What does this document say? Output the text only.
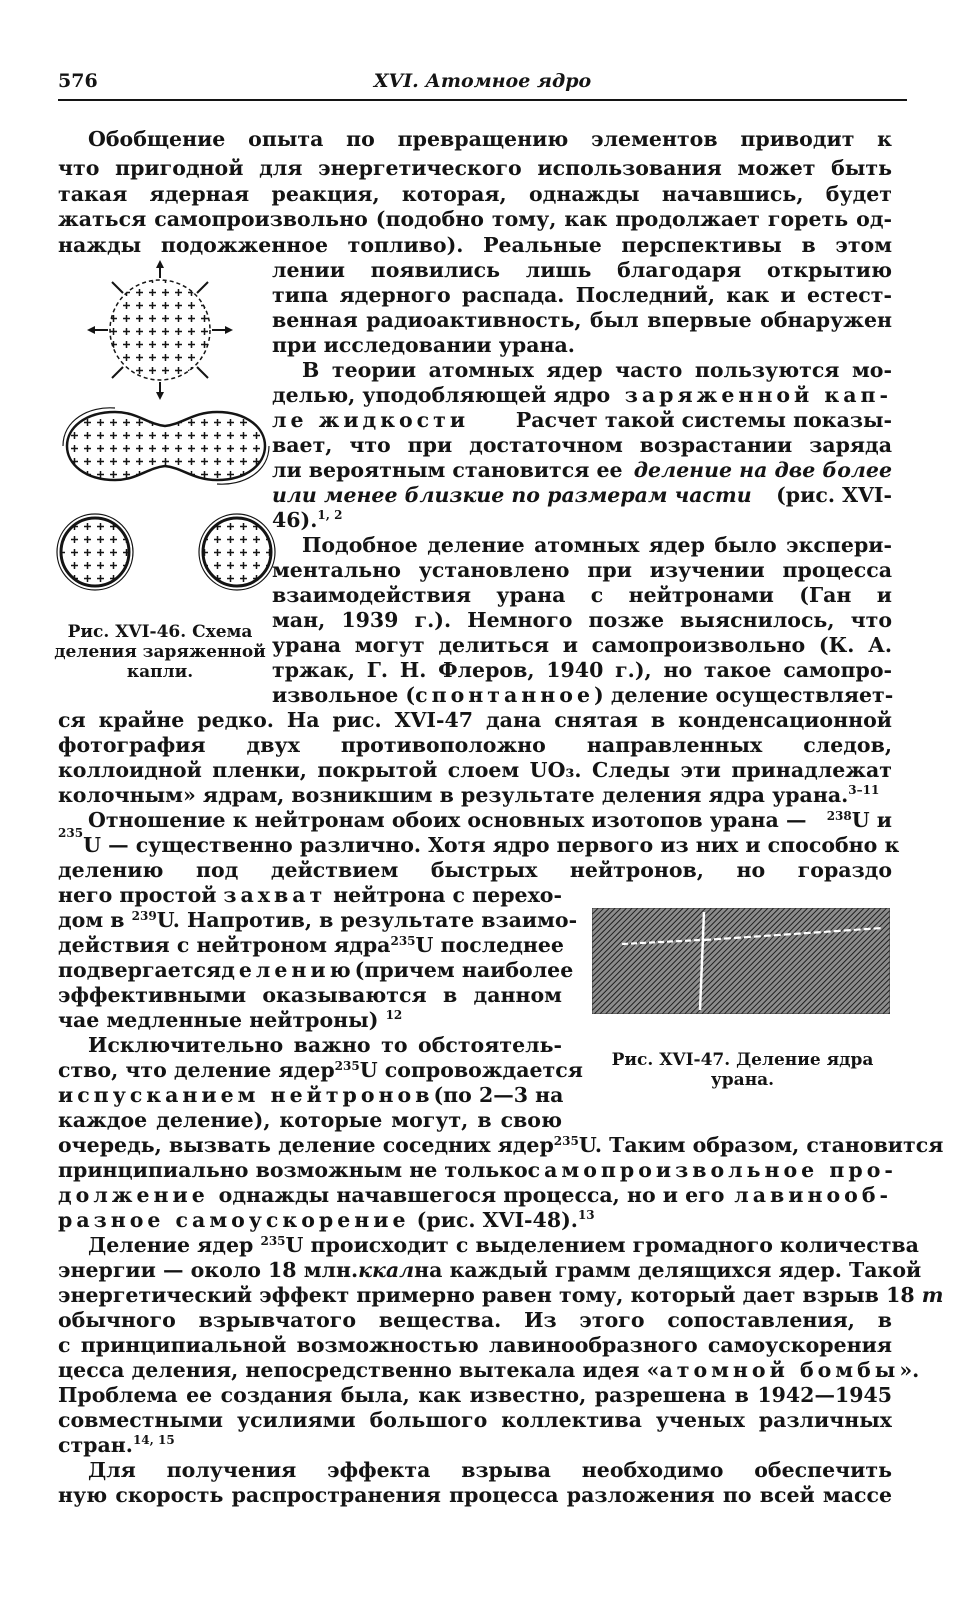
576	XVI. Атомное ядро
Обобщение опыта по превращению элементов приводит к
что пригодной для энергетического использования может быть
такая ядерная реакция, которая, однажды начавшись, будет
жаться самопроизвольно (подобно тому, как продолжает гореть од-
нажды подожженное топливо). Реальные перспективы в этом
Рис. XVI-46. Схема деления заряженной капли.
лении появились лишь благодаря открытию
типа ядерного распада. Последний, как и естест-
венная радиоактивность, был впервые обнаружен
при исследовании урана.
В теории атомных ядер часто пользуются мо-
делью, уподобляющей ядро заряженной кап-
ле жидкости Расчет такой системы показы-
вает, что при достаточном возрастании заряда
ли вероятным становится ее деление на две более
или менее близкие по размерам части (рис. XVI-
46).$^{1, 2}$
Подобное деление атомных ядер было экспери-
ментально установлено при изучении процесса
взаимодействия урана с нейтронами (Ган и
ман, 1939 г.). Немного позже выяснилось, что
урана могут делиться и самопроизвольно (К. А.
тржак, Г. Н. Флеров, 1940 г.), но такое самопро-
извольное (спонтанное) деление осуществляет-
ся крайне редко. На рис. XVI-47 дана снятая в конденсационной
фотография двух противоположно направленных следов,
коллоидной пленки, покрытой слоем UO₃. Следы эти принадлежат
колочным» ядрам, возникшим в результате деления ядра урана.$^{3-11}$
Отношение к нейтронам обоих основных изотопов урана — $^{238}$U и
235 U — существенно различно. Хотя ядро первого из них и способно к
делению под действием быстрых нейтронов, но гораздо
него простой захват нейтрона с перехо-
дом в $^{239}$ U. Напротив, в результате взаимо-
действия с нейтроном ядра $^{235}$U последнее
подвергается делению (причем наиболее
эффективными оказываются в данном
чае медленные нейтроны) $^{12}$
Исключительно важно то обстоятель-
ство, что деление ядер $^{235}$U сопровождается
испусканием нейтронов (по 2—3 на
каждое деление), которые могут, в свою
Рис. XVI-47. Деление ядра урана.
очередь, вызвать деление соседних ядер$^{235}$ U. Таким образом, становится
принципиально возможным не только самопроизвольное про-
должение однажды начавшегося процесса, но и его лавинооб-
разное самоускорение (рис. XVI-48).$^{13}$
Деление ядер $^{235}$ U происходит с выделением громадного количества
энергии — около 18 млн. ккал на каждый грамм делящихся ядер. Такой
энергетический эффект примерно равен тому, который дает взрыв 18
т
обычного взрывчатого вещества. Из этого сопоставления, в
с принципиальной возможностью лавинообразного самоускорения
цесса деления, непосредственно вытекала идея « атомной бомбы ».
Проблема ее создания была, как известно, разрешена в 1942—1945
совместными усилиями большого коллектива ученых различных
стран.$^{14, 15}$
Для получения эффекта взрыва необходимо обеспечить
ную скорость распространения процесса разложения по всей массе
